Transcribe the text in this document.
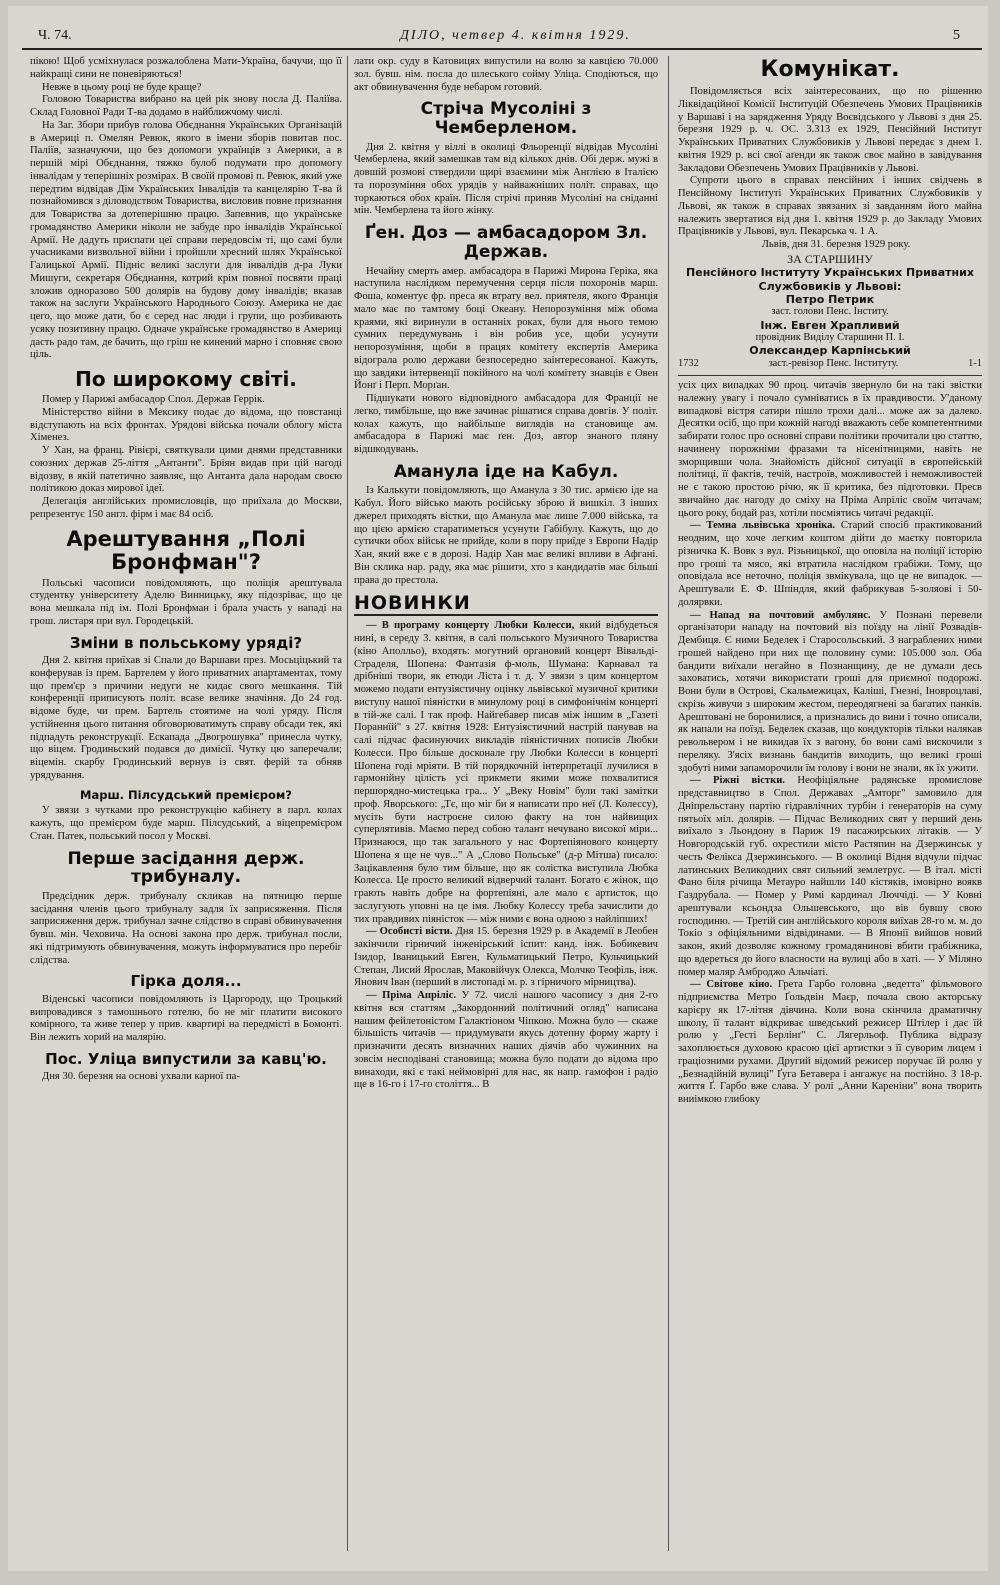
Ч. 74.	ДІЛО, четвер 4. квітня 1929.	5

пікою! Щоб усміхнулася розжалоблена Мати-Україна, бачучи, що її найкращі сини не поневіряються!

Невже в цьому році не буде краще?

Головою Товариства вибрано на цей рік знову посла Д. Паліїва. Склад Головної Ради Т-ва додамо в найближчому числі.

На Заг. Збори прибув голова Обєднання Українських Організацій в Америці п. Омелян Ревюк, якого в імени зборів повитав пос. Паліїв, зазначуючи, що без допомоги українців з Америки, а в першій мірі Обєднання, тяжко булоб подумати про допомогу інвалідам у теперішніх розмірах. В своїй промові п. Ревюк, який уже передтим відвідав Дім Українських Інвалідів та канцелярію Т-ва й познайомився з діловодством Товариства, висловив повне признання для Товариства за дотеперішню працю. Запевнив, що українське громадянство Америки ніколи не забуде про інвалідів Української Армії. Не дадуть приспати цеї справи передовсім ті, що самі були учасниками визвольної війни і пройшли хресний шлях Української Галицької Армії. Підніс великі заслуги для інвалідів д-ра Луки Мишуги, секретаря Обєднання, котрий крім повної посвяти праці зложив одноразово 500 долярів на будову дому інвалідів; вказав також на заслуги Українського Народнього Союзу. Америка не дає цего, що може дати, бо є серед нас люди і групи, що розбивають усяку позитивну працю. Одначе українське громадянство в Америці дасть радо там, де бачить, що гріш не кинений марно і сповняє свою ціль.

По широкому світі.

Помер у Парижі амбасадор Спол. Держав Геррік.

Міністерство війни в Мексику подає до відома, що повстанці відступають на всіх фронтах. Урядові війська почали облогу міста Хіменез.

У Хан, на франц. Рівієрі, святкували цими днями представники союзних держав 25-ліття „Антанти". Бріян видав при цій нагоді відозву, в якій патетично заявляє, що Антанта дала народам своєю політикою доказ мирової ідеї.

Делегація англійських промисловців, що приїхала до Москви, репрезентує 150 англ. фірм і має 84 осіб.

Арештування „Полі Бронфман"?

Польські часописи повідомляють, що поліція арештувала студентку університету Аделю Винницьку, яку підозріває, що це вона мешкала під ім. Полі Бронфман і брала участь у нападі на грош. листаря при вул. Городецькій.

Зміни в польському уряді?

Дня 2. квітня приїхав зі Спали до Варшави през. Мосьціцький та конферував із прем. Бартелем у його приватних апартаментах, тому що прем'єр з причини недуги не кидає свого мешкання. Тій конференції приписують політ. вcase велике значіння. До 24 год. відоме буде, чи прем. Бартель стоятиме на чолі уряду. Після устійнення цього питання обговорюватимуть справу обсади тек, які підпадуть реконструкції. Ескапада „Двогрошувка" принесла чутку, що віцем. Гродиньский подався до димісії. Чутку цю заперечали; віцемін. скарбу Гродинський вернув із свят. ферій та обняв урядування.

Марш. Пілсудський премієром?

У звязи з чутками про реконструкцію кабінету в парл. колах кажуть, що премієром буде марш. Пілсудський, а віцепремієром Стан. Патек, польський посол у Москві.

Перше засідання держ. трибуналу.

Предсідник держ. трибуналу скликав на пятницю перше засідання членів цього трибуналу задля їх заприсяження. Після заприсяження держ. трибунал зачне слідство в справі обвинувачення бувш. мін. Чеховича. На основі закона про держ. трибунал посли, які підтримують обвинувачення, можуть інформуватися про перебіг слідства.

Гірка доля...

Віденські часописи повідомляють із Царгороду, що Троцький випровадився з тамошнього готелю, бо не міг платити високого комірного, та живе тепер у прив. квартирі на передмісті в Бомонті. Він лежить хорий на малярію.

Пос. Уліца випустили за кавц'ю.

Дня 30. березня на основі ухвали карної па-

лати окр. суду в Катовицях випустили на волю за кавцією 70.000 зол. бувш. нім. посла до шлеського сойму Уліца. Сподіються, що акт обвинувачення буде небаром готовий.

Стріча Мусоліні з Чемберленом.

Дня 2. квітня у віллі в околиці Фльоренції відвідав Мусоліні Чемберлена, який замешкав там від кількох днів. Обі держ. мужі в довшій розмові ствердили щирі взаємини між Англією в Італією та порозуміння обох урядів у найважніших політ. справах, що торкаються обох країн. Після стрічі приняв Мусоліні на сніданні мін. Чемберлена та його жінку.

Ґен. Доз — амбасадором Зл. Держав.

Нечайну смерть амер. амбасадора в Парижі Мирона Геріка, яка наступила наслідком перемучення серця після похоронів марш. Фоша, коментує фр. преса як втрату вел. приятеля, якого Франція мало має по тамтому боці Океану. Непорозуміння між обома краями, які виринули в останніх роках, були для нього темою сумних передумувань і він робив усе, щоби усунути непорозуміння, щоби в працях комітету експертів Америка відограла ролю держави безпосередно заінтересованої. Кажуть, що завдяки інтервенції покійного на чолі комітету знавців є Овен Йонґ і Перп. Морґан.

Підшукати нового відповідного амбасадора для Франції не легко, тимбільше, що вже зачинає рішатися справа довгів. У політ. колах кажуть, що найбільше виглядів на становище ам. амбасадора в Парижі має ґен. Доз, автор знаного пляну відшкодувань.

Аманула іде на Кабул.

Із Калькути повідомляють, що Аманула з 30 тис. армією іде на Кабул. Його військо мають російську зброю й вишкіл. З інших джерел приходять вістки, що Аманула має лише 7.000 війська, та що цією армією старатиметься усунути Габібулу. Кажуть, що до сутички обох військ не прийде, коли в пору приїде з Европи Надір Хан, який вже є в дорозі. Надір Хан має великі впливи в Афгані. Він склика нар. раду, яка має рішити, хто з кандидатів має більші права до престола.

НОВИНКИ

— В програму концерту Любки Колесси, який відбудеться нині, в середу 3. квітня, в салі польського Музичного Товариства (кіно Аполльо), входять: могутний органовий концерт Вівальді-Страделя, Шопена: Фантазія ф-моль, Шумана: Карнавал та дрібніші твори, як етюди Ліста і т. д. У звязи з цим концертом можемо подати ентузіястичну оцінку львівської музичної критики виступу нашої піяністки в минулому році в симфонічнім концерті в тій-же салі. І так проф. Найгебавер писав між іншим в „Газеті Пораннїй" з 27. квітня 1928: Ентузіястичний настрій панував на салі підчас фасинуючих викладів піяністичних пописів Любки Колесси. Про більше досконале гру Любки Колесси в концерті Шопена годі мріяти. В тій порядкочній інтерпретації лучилися в гармонійну цілість усі прикмети якими може похвалитися першорядно-мистецька гра... У „Веку Новім" були такі замітки проф. Яворського: „Тє, що міг би я написати про неї (Л. Колессу), мусіть бути настроєне силою факту на тон найвищих суперлятивів. Маємо перед собою талант нечувано високої міри... Признаюся, що так загального у нас Фортепіянового концерту Шопена я ще не чув..." А „Слово Польське" (д-р Мітша) писало: Зацікавлення було тим більше, що як солістка виступила Любка Колесса. Це просто великий відверчий талант. Богато є жінок, що грають навіть добре на фортепіяні, але мало є артисток, що заслугують уповні на це імя. Любку Колессу треба зачислити до тих правдивих піяністок — між ними є вона одною з найліпших!

— Особисті вісти. Дня 15. березня 1929 р. в Академії в Леобен закінчили гірничий інженірський іспит: канд. інж. Бобикевич Ізидор, Іваницький Евген, Кульматицький Петро, Кульчицький Степан, Лисий Ярослав, Маковійчук Олекса, Молчко Теофіль, інж. Янович Іван (перший в листопаді м. р. з гірничого мірництва).

— Пріма Апріліс. У 72. числі нашого часопису з дня 2-го квітня вся статтям „Закордонний політичний огляд" написана нашим фейлетоністом Галактіоном Чіпкою. Можна було — скаже більшість читачів — придумувати якусь дотепну форму жарту і призначити десять визначних наших діячів або чужинних на зовсім несподівані становища; можна було подати до відома про винаходи, які є такі неймовірні для нас, як напр. гамофон і радіо ще в 16-го і 17-го століття... В

Комунікат.

Повідомляється всіх заінтересованих, що по рішенню Ліквідаційної Комісії Інституцій Обезпечень Умових Працівників у Варшаві і на зарядження Уряду Воєвідського у Львові з дня 25. березня 1929 р. ч. ОС. 3.313 ех 1929, Пенсійний Інститут Українських Приватних Службовиків у Львові передає з днем 1. квітня 1929 р. всі свої аґенди як також своє майно в завідування Закладови Обезпечень Умових Працівників у Львові.

Супроти цього в справах пенсійних і інших свідчень в Пенсійному Інституті Українських Приватних Службовиків у Львові, як також в справах звязаних зі завданням його майна належить звертатися від дня 1. квітня 1929 р. до Закладу Умових Працівників у Львові, вул. Пекарська ч. 1 А.

Львів, дня 31. березня 1929 року.

ЗА СТАРШИНУ
Пенсійного Інституту Українських Приватних Службовиків у Львові:
Петро Петрик
заст. голови Пенс. Інститу.
Інж. Евген Храпливий
провідник Виділу Старшини П. І.
Олександер Карпінський
1732	заст.-ревізор Пенс. Інституту.	1-1

усіх цих випадках 90 проц. читачів звернуло би на такі звістки належну увагу і почало сумніватись в їх правдивости. У'даному випадкові вістря сатири пішло трохи далі... може аж за далеко. Десятки осіб, що при кожній нагоді вважають себе компетентними забирати голос про основні справи політики прочитали цю статтю, начинену порожніми фразами та нісенітницями, навіть не зморщивши чола. Знайомість дійсної ситуації в європейській політиці, її фактів, течій, настроїв, можливостей і неможливостей не є такою простою річю, як її критика, без підготовки. Пресв звичайно дає нагоду до сміху на Пріма Апріліс своїм читачам; цього року, бодай раз, хотіли посміятись читачі редакції.

— Темна львівська хроніка. Старий спосіб практикований неодним, що хоче легким коштом дійти до маєтку повторила різничка К. Вовк з вул. Різьницької, що оповіла на поліції історію про гроші та мясо, які втратила наслідком грабіжи. Тому, що оповідала все неточно, поліція звмікувала, що це не випадок. — Арештували Е. Ф. Шпіндля, який фабрикував 5-золяові і 50-долярвки.

— Напад на почтовий амбулянс. У Познані перевели організатори нападу на почтовий віз поїзду на лінії Розвадів-Дембиця. Є ними Беделек і Старосольський. З награблених ними грошей найдено при них ще половину суми: 105.000 зол. Оба бандити виїхали негайно в Познанщину, де не думали десь заховатись, хотячи використати гроші для приємної подорожі. Вони були в Острові, Скальмежицах, Каліші, Гнезні, Іновроцлаві, скрізь живучи з широким жестом, переодягнені за багатих панків. Арештовані не боронилися, а признались до вини і точно описали, як напали на поїзд. Беделек сказав, що кондукторів тільки налякав револьвером і не викидав їх з вагону, бо вони самі вискочили з переляку. З'ясіх визнань бандитів виходить, що великі гроші здобуті ними запаморочили їм голову і вони не знали, як їх ужити.

— Ріжні вістки. Неофіціяльне радянське промислове представництво в Спол. Державах „Амторг" замовило для Дніпрельстану партію гідравлічних турбін і генераторів на суму пятьоїх міл. долярів. — Підчас Великодних свят у перший день виїхало з Льондону в Париж 19 пасажирських літаків. — У Новгородській губ. охрестили місто Растяпин на Дзержинськ у честь Фелікса Дзержинського. — В околиці Відня відчули підчас латинських Великодних свят сильний землетрус. — В італ. місті Фано біля річища Метауро найшли 140 кістяків, імовірно воякв Газдрубала. — Помер у Римі кардинал Люччіді. — У Ковні арештували ксьондза Ольшевського, що вів бувшу свою господиню. — Третій син англійського короля виїхав 28-го м. м. до Токіо з офіціяльними відвідинами. — В Японії вийшов новий закон, який дозволяє кожному громадянинові вбити грабіжника, що вдереться до його власности на вулиці або в хаті. — У Міляно помер маляр Амброджо Альчіаті.

— Світове кіно. Грета Гарбо головна „ведетта" фільмового підприємства Метро Ґольдвін Маєр, почала свою акторську карієру як 17-літня дівчина. Коли вона скінчила драматичну школу, її талант відкриває шведський режисер Штілер і дає їй ролю у „Гесті Берлінґ" С. Лягерльоф. Публика відразу захоплюється духовою красою цієї артистки з її суворим лицем і граціозними рухами. Другий відомий режисер поручає їй ролю у „Безнадійній вулиці" Ґуга Бетавера і ангажує на постійно. З 18-р. життя Ґ. Гарбо вже слава. У ролі „Анни Кареніни" вона творить вниімкою глибоку
